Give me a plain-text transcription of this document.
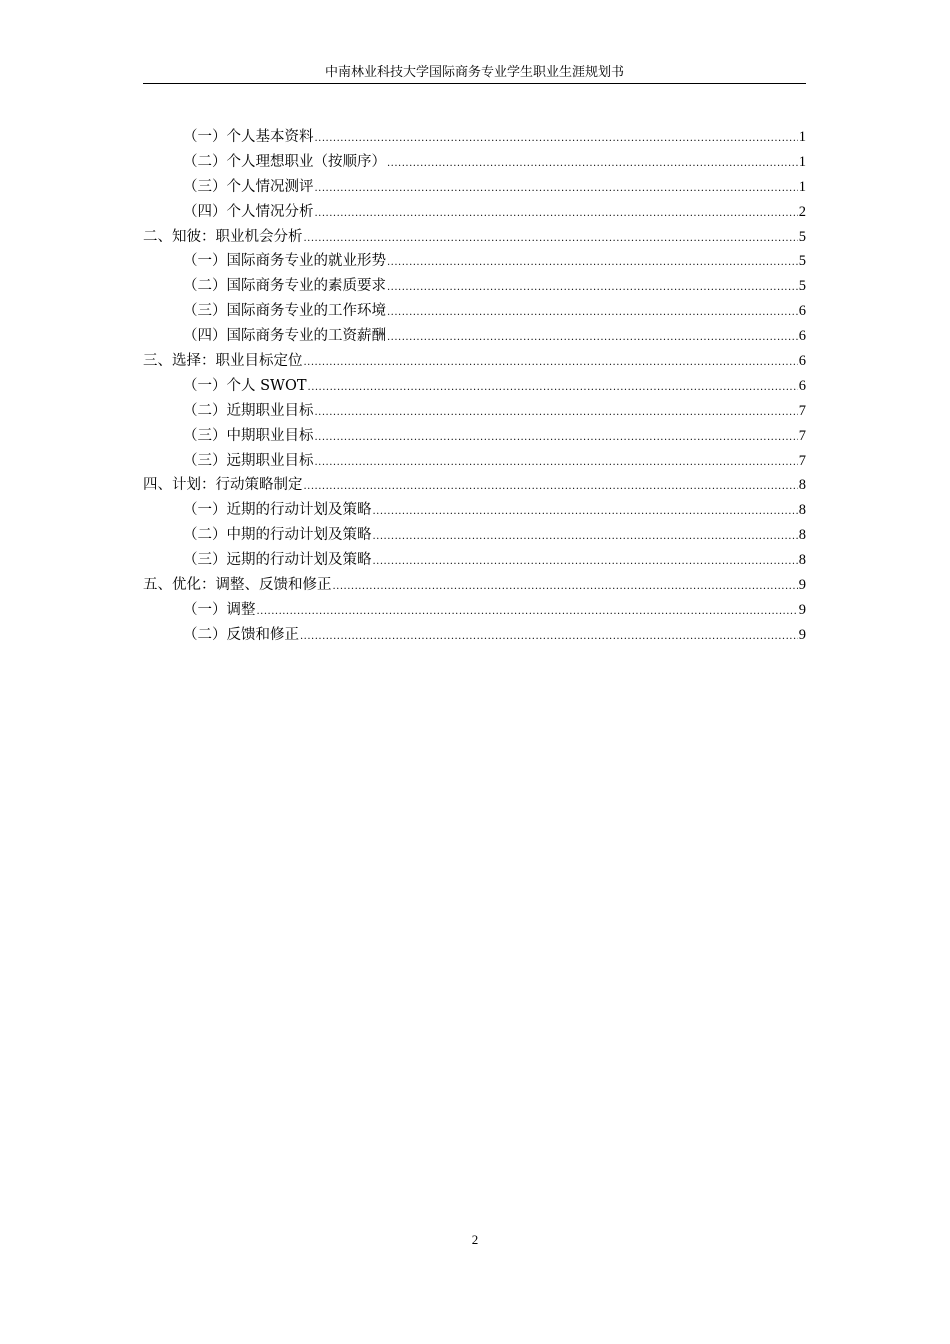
中南林业科技大学国际商务专业学生职业生涯规划书
（一）个人基本资料 .....	1
（二）个人理想职业（按顺序） .....	1
（三）个人情况测评 .....	1
（四）个人情况分析 .....	2
二、知彼：职业机会分析 .....	5
（一）国际商务专业的就业形势 .....	5
（二）国际商务专业的素质要求 .....	5
（三）国际商务专业的工作环境 .....	6
（四）国际商务专业的工资薪酬 .....	6
三、选择：职业目标定位 .....	6
（一）个人 SWOT .....	6
（二）近期职业目标 .....	7
（三）中期职业目标 .....	7
（三）远期职业目标 .....	7
四、计划：行动策略制定 .....	8
（一）近期的行动计划及策略 .....	8
（二）中期的行动计划及策略 .....	8
（三）远期的行动计划及策略 .....	8
五、优化：调整、反馈和修正 .....	9
（一）调整 .....	9
（二）反馈和修正 .....	9
2
